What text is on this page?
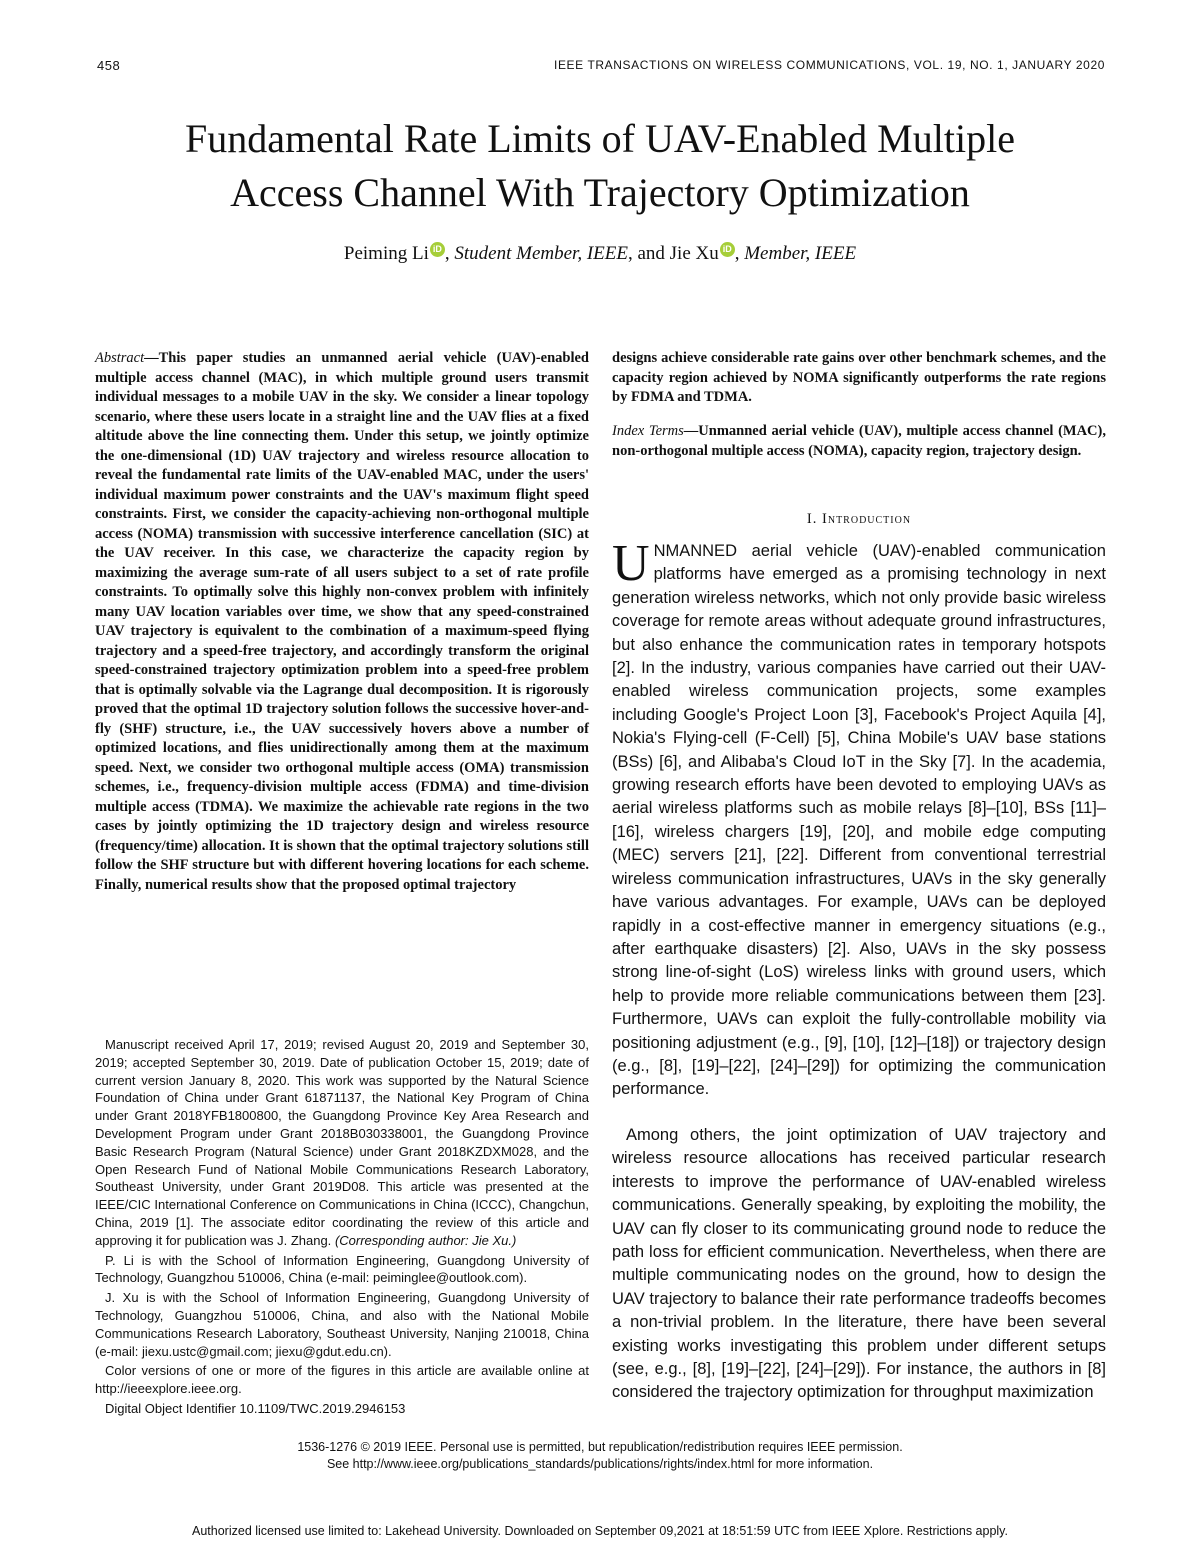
458	IEEE TRANSACTIONS ON WIRELESS COMMUNICATIONS, VOL. 19, NO. 1, JANUARY 2020
Fundamental Rate Limits of UAV-Enabled Multiple
Access Channel With Trajectory Optimization
Peiming Li iD , Student Member, IEEE, and Jie Xu iD , Member, IEEE

Abstract—This paper studies an unmanned aerial vehicle (UAV)-enabled multiple access channel (MAC), in which multiple ground users transmit individual messages to a mobile UAV in the sky. We consider a linear topology scenario, where these users locate in a straight line and the UAV flies at a fixed altitude above the line connecting them. Under this setup, we jointly optimize the one-dimensional (1D) UAV trajectory and wireless resource allocation to reveal the fundamental rate limits of the UAV-enabled MAC, under the users' individual maximum power constraints and the UAV's maximum flight speed constraints. First, we consider the capacity-achieving non-orthogonal multiple access (NOMA) transmission with successive interference cancellation (SIC) at the UAV receiver. In this case, we characterize the capacity region by maximizing the average sum-rate of all users subject to a set of rate profile constraints. To optimally solve this highly non-convex problem with infinitely many UAV location variables over time, we show that any speed-constrained UAV trajectory is equivalent to the combination of a maximum-speed flying trajectory and a speed-free trajectory, and accordingly transform the original speed-constrained trajectory optimization problem into a speed-free problem that is optimally solvable via the Lagrange dual decomposition. It is rigorously proved that the optimal 1D trajectory solution follows the successive hover-and-fly (SHF) structure, i.e., the UAV successively hovers above a number of optimized locations, and flies unidirectionally among them at the maximum speed. Next, we consider two orthogonal multiple access (OMA) transmission schemes, i.e., frequency-division multiple access (FDMA) and time-division multiple access (TDMA). We maximize the achievable rate regions in the two cases by jointly optimizing the 1D trajectory design and wireless resource (frequency/time) allocation. It is shown that the optimal trajectory solutions still follow the SHF structure but with different hovering locations for each scheme. Finally, numerical results show that the proposed optimal trajectory

designs achieve considerable rate gains over other benchmark schemes, and the capacity region achieved by NOMA significantly outperforms the rate regions by FDMA and TDMA.

Index Terms—Unmanned aerial vehicle (UAV), multiple access channel (MAC), non-orthogonal multiple access (NOMA), capacity region, trajectory design.

I. Introduction

UNMANNED aerial vehicle (UAV)-enabled communication platforms have emerged as a promising technology in next generation wireless networks, which not only provide basic wireless coverage for remote areas without adequate ground infrastructures, but also enhance the communication rates in temporary hotspots [2]. In the industry, various companies have carried out their UAV-enabled wireless communication projects, some examples including Google's Project Loon [3], Facebook's Project Aquila [4], Nokia's Flying-cell (F-Cell) [5], China Mobile's UAV base stations (BSs) [6], and Alibaba's Cloud IoT in the Sky [7]. In the academia, growing research efforts have been devoted to employing UAVs as aerial wireless platforms such as mobile relays [8]–[10], BSs [11]–[16], wireless chargers [19], [20], and mobile edge computing (MEC) servers [21], [22]. Different from conventional terrestrial wireless communication infrastructures, UAVs in the sky generally have various advantages. For example, UAVs can be deployed rapidly in a cost-effective manner in emergency situations (e.g., after earthquake disasters) [2]. Also, UAVs in the sky possess strong line-of-sight (LoS) wireless links with ground users, which help to provide more reliable communications between them [23]. Furthermore, UAVs can exploit the fully-controllable mobility via positioning adjustment (e.g., [9], [10], [12]–[18]) or trajectory design (e.g., [8], [19]–[22], [24]–[29]) for optimizing the communication performance.

Among others, the joint optimization of UAV trajectory and wireless resource allocations has received particular research interests to improve the performance of UAV-enabled wireless communications. Generally speaking, by exploiting the mobility, the UAV can fly closer to its communicating ground node to reduce the path loss for efficient communication. Nevertheless, when there are multiple communicating nodes on the ground, how to design the UAV trajectory to balance their rate performance tradeoffs becomes a non-trivial problem. In the literature, there have been several existing works investigating this problem under different setups (see, e.g., [8], [19]–[22], [24]–[29]). For instance, the authors in [8] considered the trajectory optimization for throughput maximization

Manuscript received April 17, 2019; revised August 20, 2019 and September 30, 2019; accepted September 30, 2019. Date of publication October 15, 2019; date of current version January 8, 2020. This work was supported by the Natural Science Foundation of China under Grant 61871137, the National Key Program of China under Grant 2018YFB1800800, the Guangdong Province Key Area Research and Development Program under Grant 2018B030338001, the Guangdong Province Basic Research Program (Natural Science) under Grant 2018KZDXM028, and the Open Research Fund of National Mobile Communications Research Laboratory, Southeast University, under Grant 2019D08. This article was presented at the IEEE/CIC International Conference on Communications in China (ICCC), Changchun, China, 2019 [1]. The associate editor coordinating the review of this article and approving it for publication was J. Zhang. (Corresponding author: Jie Xu.)

P. Li is with the School of Information Engineering, Guangdong University of Technology, Guangzhou 510006, China (e-mail: peiminglee@outlook.com).

J. Xu is with the School of Information Engineering, Guangdong University of Technology, Guangzhou 510006, China, and also with the National Mobile Communications Research Laboratory, Southeast University, Nanjing 210018, China (e-mail: jiexu.ustc@gmail.com; jiexu@gdut.edu.cn).

Color versions of one or more of the figures in this article are available online at http://ieeexplore.ieee.org.

Digital Object Identifier 10.1109/TWC.2019.2946153

1536-1276 © 2019 IEEE. Personal use is permitted, but republication/redistribution requires IEEE permission.
See http://www.ieee.org/publications_standards/publications/rights/index.html for more information.
Authorized licensed use limited to: Lakehead University. Downloaded on September 09,2021 at 18:51:59 UTC from IEEE Xplore. Restrictions apply.
